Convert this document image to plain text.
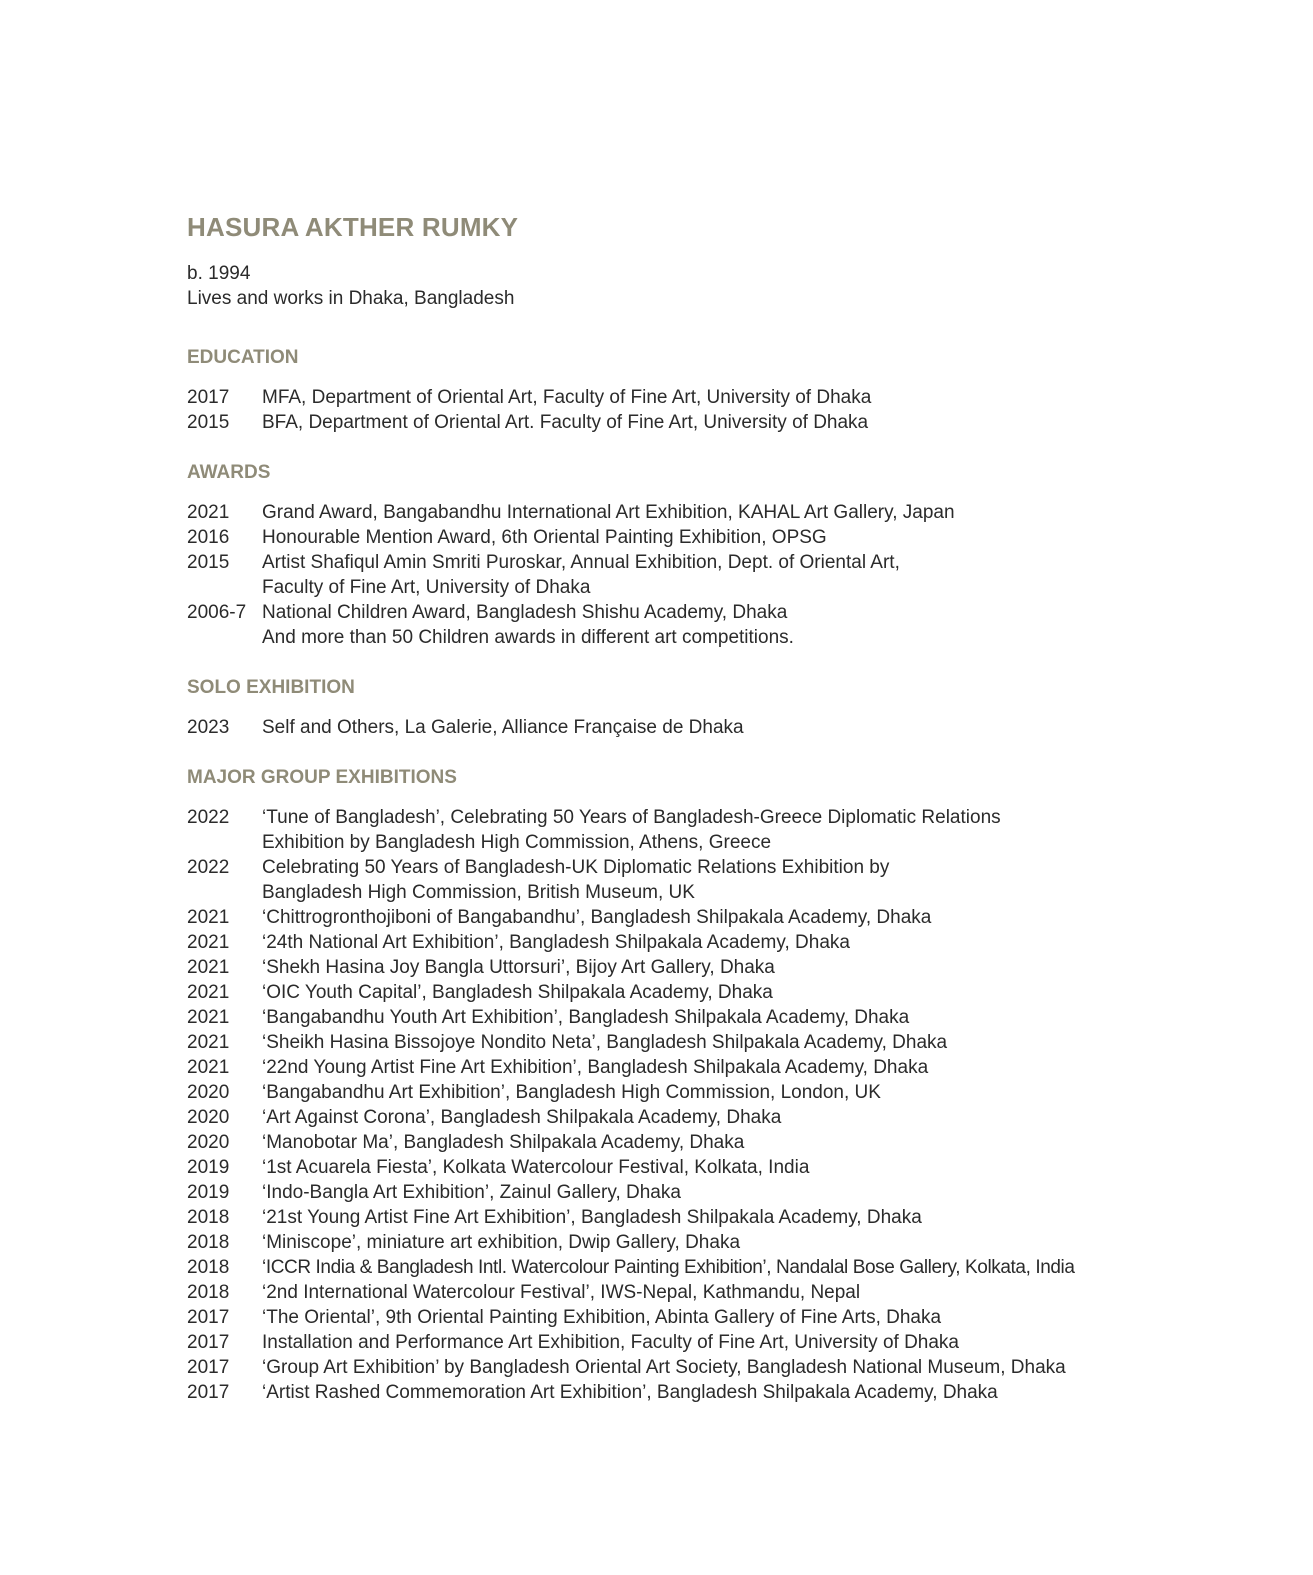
HASURA AKTHER RUMKY
b. 1994
Lives and works in Dhaka, Bangladesh
EDUCATION
2017	MFA, Department of Oriental Art, Faculty of Fine Art, University of Dhaka
2015	BFA, Department of Oriental Art. Faculty of Fine Art, University of Dhaka
AWARDS
2021	Grand Award, Bangabandhu International Art Exhibition, KAHAL Art Gallery, Japan
2016	Honourable Mention Award, 6th Oriental Painting Exhibition, OPSG
2015	Artist Shafiqul Amin Smriti Puroskar, Annual Exhibition, Dept. of Oriental Art,
Faculty of Fine Art, University of Dhaka
2006-7 National Children Award, Bangladesh Shishu Academy, Dhaka
And more than 50 Children awards in different art competitions.
SOLO EXHIBITION
2023	Self and Others, La Galerie, Alliance Française de Dhaka
MAJOR GROUP EXHIBITIONS
2022	‘Tune of Bangladesh’, Celebrating 50 Years of Bangladesh-Greece Diplomatic Relations
Exhibition by Bangladesh High Commission, Athens, Greece
2022	Celebrating 50 Years of Bangladesh-UK Diplomatic Relations Exhibition by
Bangladesh High Commission, British Museum, UK
2021	‘Chittrogronthojiboni of Bangabandhu’, Bangladesh Shilpakala Academy, Dhaka
2021	‘24th National Art Exhibition’, Bangladesh Shilpakala Academy, Dhaka
2021	‘Shekh Hasina Joy Bangla Uttorsuri’, Bijoy Art Gallery, Dhaka
2021	‘OIC Youth Capital’, Bangladesh Shilpakala Academy, Dhaka
2021	‘Bangabandhu Youth Art Exhibition’, Bangladesh Shilpakala Academy, Dhaka
2021	‘Sheikh Hasina Bissojoye Nondito Neta’, Bangladesh Shilpakala Academy, Dhaka
2021	‘22nd Young Artist Fine Art Exhibition’, Bangladesh Shilpakala Academy, Dhaka
2020	‘Bangabandhu Art Exhibition’, Bangladesh High Commission, London, UK
2020	‘Art Against Corona’, Bangladesh Shilpakala Academy, Dhaka
2020	‘Manobotar Ma’, Bangladesh Shilpakala Academy, Dhaka
2019	‘1st Acuarela Fiesta’, Kolkata Watercolour Festival, Kolkata, India
2019	‘Indo-Bangla Art Exhibition’, Zainul Gallery, Dhaka
2018	‘21st Young Artist Fine Art Exhibition’, Bangladesh Shilpakala Academy, Dhaka
2018	‘Miniscope’, miniature art exhibition, Dwip Gallery, Dhaka
2018	‘ICCR India & Bangladesh Intl. Watercolour Painting Exhibition’, Nandalal Bose Gallery, Kolkata, India
2018	‘2nd International Watercolour Festival’, IWS-Nepal, Kathmandu, Nepal
2017	‘The Oriental’, 9th Oriental Painting Exhibition, Abinta Gallery of Fine Arts, Dhaka
2017	Installation and Performance Art Exhibition, Faculty of Fine Art, University of Dhaka
2017	‘Group Art Exhibition’ by Bangladesh Oriental Art Society, Bangladesh National Museum, Dhaka
2017	‘Artist Rashed Commemoration Art Exhibition’, Bangladesh Shilpakala Academy, Dhaka
